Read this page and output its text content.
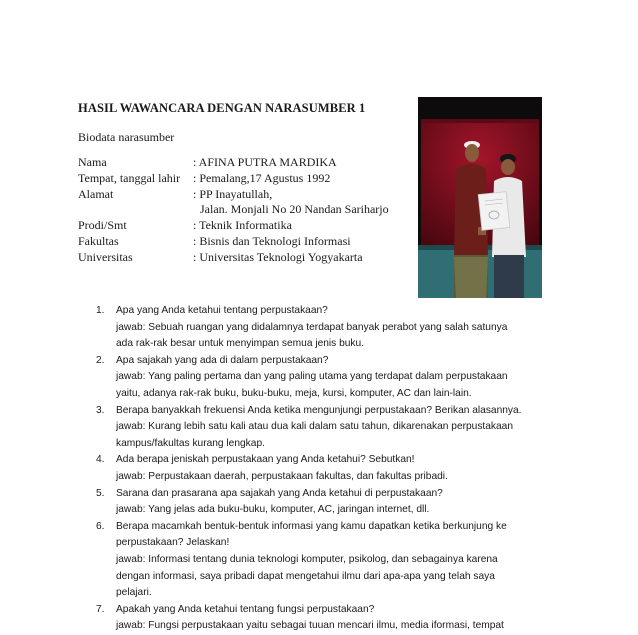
HASIL WAWANCARA DENGAN NARASUMBER 1
Biodata narasumber
Nama	: AFINA PUTRA MARDIKA
Tempat, tanggal lahir	: Pemalang,17 Agustus 1992
Alamat	: PP Inayatullah,
Jalan. Monjali No 20 Nandan Sariharjo
Prodi/Smt	: Teknik Informatika
Fakultas	: Bisnis dan Teknologi Informasi
Universitas	: Universitas Teknologi Yogyakarta
1. Apa yang Anda ketahui tentang perpustakaan?
jawab: Sebuah ruangan yang didalamnya terdapat banyak perabot yang salah satunya
ada rak-rak besar untuk menyimpan semua jenis buku.
2. Apa sajakah yang ada di dalam perpustakaan?
jawab: Yang paling pertama dan yang paling utama yang terdapat dalam perpustakaan
yaitu, adanya rak-rak buku, buku-buku, meja, kursi, komputer, AC dan lain-lain.
3. Berapa banyakkah frekuensi Anda ketika mengunjungi perpustakaan? Berikan alasannya.
jawab: Kurang lebih satu kali atau dua kali dalam satu tahun, dikarenakan perpustakaan
kampus/fakultas kurang lengkap.
4. Ada berapa jeniskah perpustakaan yang Anda ketahui? Sebutkan!
jawab: Perpustakaan daerah, perpustakaan fakultas, dan fakultas pribadi.
5. Sarana dan prasarana apa sajakah yang Anda ketahui di perpustakaan?
jawab: Yang jelas ada buku-buku, komputer, AC, jaringan internet, dll.
6. Berapa macamkah bentuk-bentuk informasi yang kamu dapatkan ketika berkunjung ke
perpustakaan? Jelaskan!
jawab: Informasi tentang dunia teknologi komputer, psikolog, dan sebagainya karena
dengan informasi, saya pribadi dapat mengetahui ilmu dari apa-apa yang telah saya
pelajari.
7. Apakah yang Anda ketahui tentang fungsi perpustakaan?
jawab: Fungsi perpustakaan yaitu sebagai tuuan mencari ilmu, media iformasi, tempat
